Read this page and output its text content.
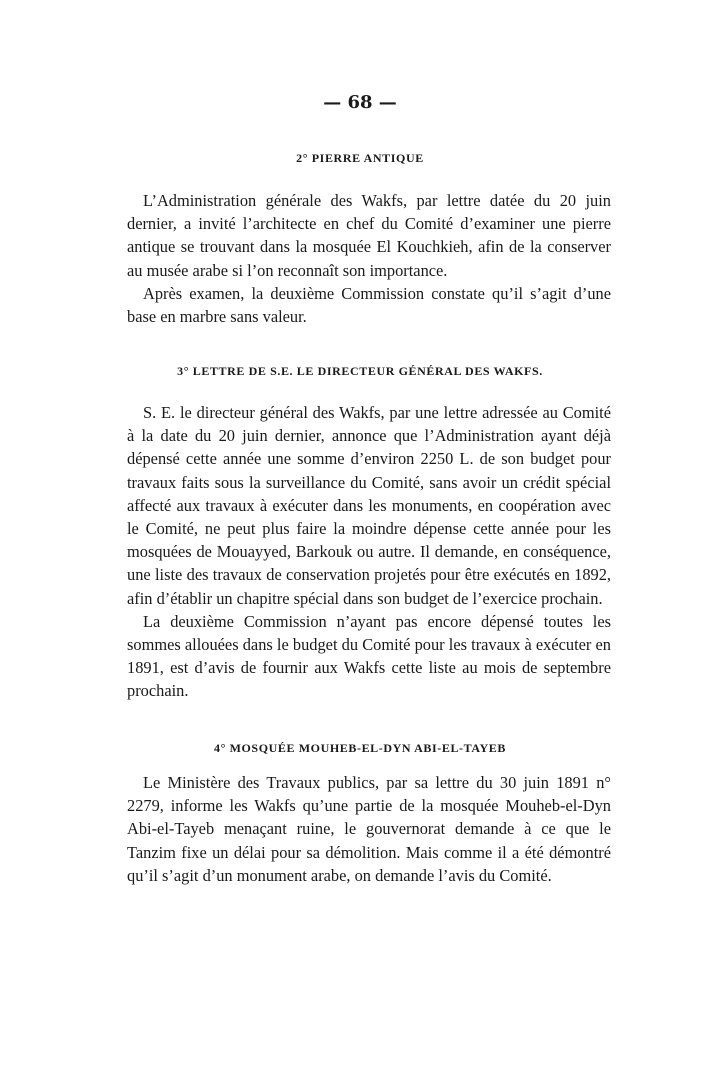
— 68 —
2° PIERRE ANTIQUE

L’Administration générale des Wakfs, par lettre datée du 20 juin dernier, a invité l’architecte en chef du Comité d’examiner une pierre antique se trouvant dans la mosquée El Kouchkieh, afin de la conserver au musée arabe si l’on reconnaît son importance.

Après examen, la deuxième Commission constate qu’il s’agit d’une base en marbre sans valeur.

3° LETTRE DE S.E. LE DIRECTEUR GÉNÉRAL DES WAKFS.

S. E. le directeur général des Wakfs, par une lettre adressée au Comité à la date du 20 juin dernier, annonce que l’Administration ayant déjà dépensé cette année une somme d’environ 2250 L. de son budget pour travaux faits sous la surveillance du Comité, sans avoir un crédit spécial affecté aux travaux à exécuter dans les monuments, en coopération avec le Comité, ne peut plus faire la moindre dépense cette année pour les mosquées de Mouayyed, Barkouk ou autre. Il demande, en conséquence, une liste des travaux de conservation projetés pour être exécutés en 1892, afin d’établir un chapitre spécial dans son budget de l’exercice prochain.

La deuxième Commission n’ayant pas encore dépensé toutes les sommes allouées dans le budget du Comité pour les travaux à exécuter en 1891, est d’avis de fournir aux Wakfs cette liste au mois de septembre prochain.

4° MOSQUÉE MOUHEB-EL-DYN ABI-EL-TAYEB

Le Ministère des Travaux publics, par sa lettre du 30 juin 1891 n° 2279, informe les Wakfs qu’une partie de la mosquée Mouheb-el-Dyn Abi-el-Tayeb menaçant ruine, le gouvernorat demande à ce que le Tanzim fixe un délai pour sa démolition. Mais comme il a été démontré qu’il s’agit d’un monument arabe, on demande l’avis du Comité.
